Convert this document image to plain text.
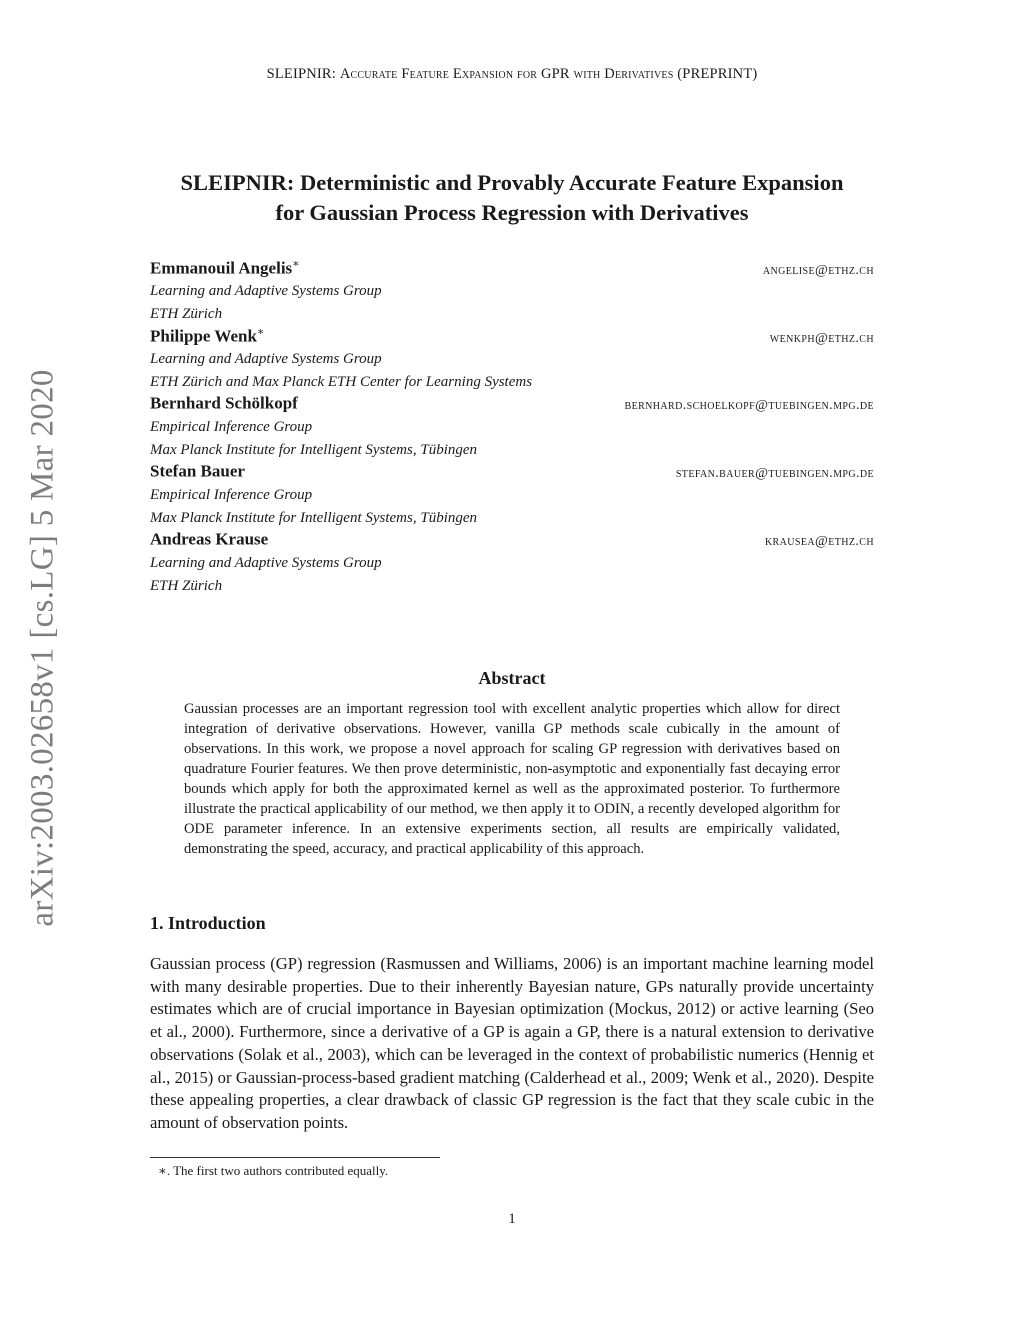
SLEIPNIR: Accurate Feature Expansion for GPR with Derivatives (PREPRINT)
arXiv:2003.02658v1 [cs.LG] 5 Mar 2020
SLEIPNIR: Deterministic and Provably Accurate Feature Expansion
for Gaussian Process Regression with Derivatives
Emmanouil Angelis∗	angelise@ethz.ch
Learning and Adaptive Systems Group
ETH Zürich
Philippe Wenk∗	wenkph@ethz.ch
Learning and Adaptive Systems Group
ETH Zürich and Max Planck ETH Center for Learning Systems
Bernhard Schölkopf	bernhard.schoelkopf@tuebingen.mpg.de
Empirical Inference Group
Max Planck Institute for Intelligent Systems, Tübingen
Stefan Bauer	stefan.bauer@tuebingen.mpg.de
Empirical Inference Group
Max Planck Institute for Intelligent Systems, Tübingen
Andreas Krause	krausea@ethz.ch
Learning and Adaptive Systems Group
ETH Zürich
Abstract
Gaussian processes are an important regression tool with excellent analytic properties which allow for direct integration of derivative observations. However, vanilla GP methods scale cubically in the amount of observations. In this work, we propose a novel approach for scaling GP regression with derivatives based on quadrature Fourier features. We then prove deterministic, non-asymptotic and exponentially fast decaying error bounds which apply for both the approximated kernel as well as the approximated posterior. To furthermore illustrate the practical applicability of our method, we then apply it to ODIN, a recently developed algorithm for ODE parameter inference. In an extensive experiments section, all results are empirically validated, demonstrating the speed, accuracy, and practical applicability of this approach.
1. Introduction
Gaussian process (GP) regression (Rasmussen and Williams, 2006) is an important machine learning model with many desirable properties. Due to their inherently Bayesian nature, GPs naturally provide uncertainty estimates which are of crucial importance in Bayesian optimization (Mockus, 2012) or active learning (Seo et al., 2000). Furthermore, since a derivative of a GP is again a GP, there is a natural extension to derivative observations (Solak et al., 2003), which can be leveraged in the context of probabilistic numerics (Hennig et al., 2015) or Gaussian-process-based gradient matching (Calderhead et al., 2009; Wenk et al., 2020). Despite these appealing properties, a clear drawback of classic GP regression is the fact that they scale cubic in the amount of observation points.
∗. The first two authors contributed equally.
1
